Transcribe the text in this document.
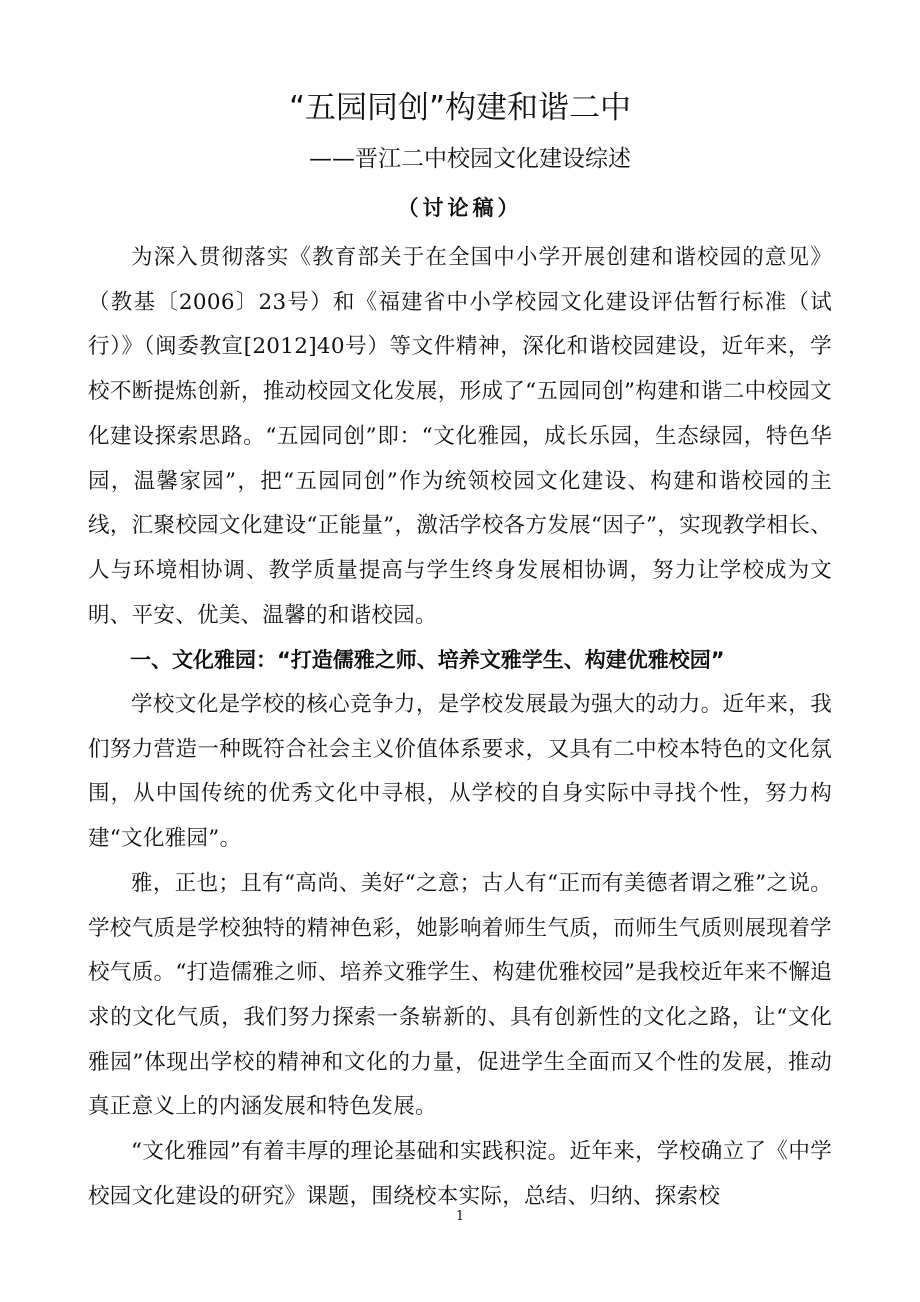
“五园同创”构建和谐二中
——晋江二中校园文化建设综述

（讨论稿）

为深入贯彻落实《教育部关于在全国中小学开展创建和谐校园的意见》（教基〔2006〕23号）和《福建省中小学校园文化建设评估暂行标准（试行）》（闽委教宣[2012]40号）等文件精神，深化和谐校园建设，近年来，学校不断提炼创新，推动校园文化发展，形成了“五园同创”构建和谐二中校园文化建设探索思路。“五园同创”即：“文化雅园，成长乐园，生态绿园，特色华园，温馨家园”，把“五园同创”作为统领校园文化建设、构建和谐校园的主线，汇聚校园文化建设“正能量”，激活学校各方发展“因子”，实现教学相长、人与环境相协调、教学质量提高与学生终身发展相协调，努力让学校成为文明、平安、优美、温馨的和谐校园。

一、文化雅园：“打造儒雅之师、培养文雅学生、构建优雅校园”

学校文化是学校的核心竞争力，是学校发展最为强大的动力。近年来，我们努力营造一种既符合社会主义价值体系要求，又具有二中校本特色的文化氛围，从中国传统的优秀文化中寻根，从学校的自身实际中寻找个性，努力构建“文化雅园”。

雅，正也；且有“高尚、美好“之意；古人有“正而有美德者谓之雅”之说。学校气质是学校独特的精神色彩，她影响着师生气质，而师生气质则展现着学校气质。“打造儒雅之师、培养文雅学生、构建优雅校园”是我校近年来不懈追求的文化气质，我们努力探索一条崭新的、具有创新性的文化之路，让“文化雅园”体现出学校的精神和文化的力量，促进学生全面而又个性的发展，推动真正意义上的内涵发展和特色发展。

“文化雅园”有着丰厚的理论基础和实践积淀。近年来，学校确立了《中学校园文化建设的研究》课题，围绕校本实际，总结、归纳、探索校

1
